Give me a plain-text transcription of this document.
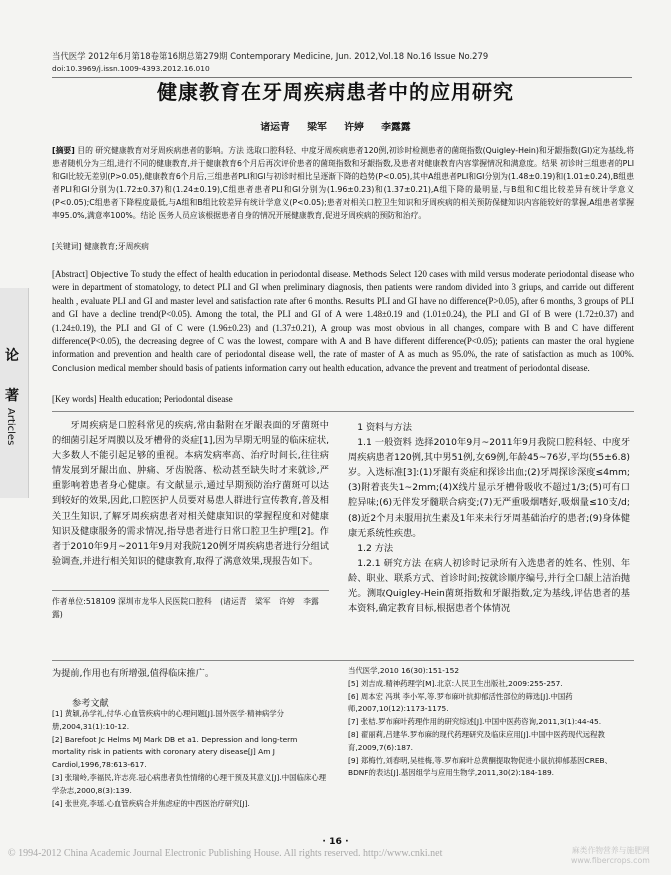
当代医学 2012年6月第18卷第16期总第279期 Contemporary Medicine, Jun. 2012,Vol.18 No.16 Issue No.279
doi:10.3969/j.issn.1009-4393.2012.16.010
健康教育在牙周疾病患者中的应用研究
诸运青 梁军 许婷 李露露
[摘要] 目的 研究健康教育对牙周疾病患者的影响。方法 选取口腔科轻、中度牙周疾病患者120例,初诊时检测患者的菌斑指数(Quigley-Hein)和牙龈指数(GI)定为基线,将患者随机分为三组,进行不同的健康教育,并于健康教育6个月后再次评价患者的菌斑指数和牙龈指数,及患者对健康教育内容掌握情况和满意度。结果 初诊时三组患者的PLI和GI比较无差别(P>0.05),健康教育6个月后,三组患者PLI和GI与初诊时相比呈逐渐下降的趋势(P<0.05),其中A组患者PLI和GI分别为(1.48±0.19)和(1.01±0.24),B组患者PLI和GI分别为(1.72±0.37)和(1.24±0.19),C组患者患者PLI和GI分别为(1.96±0.23)和(1.37±0.21),A组下降的最明显,与B组和C组比较差异有统计学意义(P<0.05);C组患者下降程度最低,与A组和B组比较差异有统计学意义(P<0.05);患者对相关口腔卫生知识和牙周疾病的相关预防保健知识内容能较好的掌握,A组患者掌握率95.0%,满意率100%。结论 医务人员应该根据患者自身的情况开展健康教育,促进牙周疾病的预防和治疗。
[关键词] 健康教育;牙周疾病
[Abstract] Objective To study the effect of health education in periodontal disease. Methods Select 120 cases with mild versus moderate periodontal disease who were in department of stomatology, to detect PLI and GI when preliminary diagnosis, then patients were random divided into 3 griups, and carride out different health , evaluate PLI and GI and master level and satisfaction rate after 6 months. Results PLI and GI have no difference(P>0.05), after 6 months, 3 groups of PLI and GI have a decline trend(P<0.05). Among the total, the PLI and GI of A were 1.48±0.19 and (1.01±0.24), the PLI and GI of B were (1.72±0.37) and (1.24±0.19), the PLI and GI of C were (1.96±0.23) and (1.37±0.21), A group was most obvious in all changes, compare with B and C have different difference(P<0.05), the decreasing degree of C was the lowest, compare with A and B have different difference(P<0.05); patients can master the oral hygiene information and prevention and health care of periodontal disease well, the rate of master of A as much as 95.0%, the rate of satisfaction as much as 100%. Conclusion medical member should basis of patients information carry out health education, advance the prevent and treatment of periodontal disease.
[Key words] Health education; Periodontal disease
论
著
Articles	牙周疾病是口腔科常见的疾病,常由黏附在牙龈表面的牙菌斑中的细菌引起牙周膜以及牙槽骨的炎症[1],因为早期无明显的临床症状,大多数人不能引起足够的重视。本病发病率高、治疗时间长,往往病情发展到牙龈出血、肿痛、牙齿脱落、松动甚至缺失时才来就诊,严重影响着患者身心健康。有文献显示,通过早期预防治疗菌斑可以达到较好的效果,因此,口腔医护人员要对易患人群进行宣传教育,普及相关卫生知识,了解牙周疾病患者对相关健康知识的掌握程度和对健康知识及健康服务的需求情况,指导患者进行日常口腔卫生护理[2]。作者于2010年9月~2011年9月对我院120例牙周疾病患者进行分组试验调查,并进行相关知识的健康教育,取得了满意效果,现报告如下。
作者单位:518109 深圳市龙华人民医院口腔科 (诸运青 梁军 许婷 李露露)
1 资料与方法
1.1 一般资料 选择2010年9月~2011年9月我院口腔科轻、中度牙周疾病患者120例,其中男51例,女69例,年龄45~76岁,平均(55±6.8)岁。入选标准[3]:(1)牙龈有炎症和探诊出血;(2)牙周探诊深度≤4mm;(3)附着丧失1~2mm;(4)X线片显示牙槽骨吸收不超过1/3;(5)可有口腔异味;(6)无伴发牙髓联合病变;(7)无严重吸烟嗜好,吸烟量≤10支/d;(8)近2个月未服用抗生素及1年来未行牙周基础治疗的患者;(9)身体健康无系统性疾患。
1.2 方法
1.2.1 研究方法 在病人初诊时记录所有入选患者的姓名、性别、年龄、职业、联系方式、首诊时间;按就诊顺序编号,并行全口龈上洁治抛光。测取Quigley-Hein菌斑指数和牙龈指数,定为基线,评估患者的基本资料,确定教育目标,根据患者个体情况
为提前,作用也有所增强,值得临床推广。
参考文献
[1] 黄颖,孙学礼,付华.心血管疾病中的心理问题[J].国外医学·精神病学分册,2004,31(1):10-12.
[2] Barefoot Jc Helms MJ Mark DB et a1. Depression and long-term mortality risk in patients with coronary atery disease[J] Am J Cardiol,1996,78:613-617.
[3] 张瑞岭,李福民,许志亮.冠心病患者负性情绪的心理干预及其意义[J].中国临床心理学杂志,2000,8(3):139.
[4] 张世亮,李瑶.心血管疾病合并焦虑症的中西医治疗研究[J].
当代医学,2010 16(30):151-152
[5] 刘吉成.精神药理学[M].北京:人民卫生出版社,2009:255-257.
[6] 周本宏 冯琪 李小军,等.罗布麻叶抗抑郁活性部位的筛选[J].中国药师,2007,10(12):1173-1175.
[7] 张桔.罗布麻叶药理作用的研究综述[J].中国中医药咨询,2011,3(1):44-45.
[8] 翟丽莉,吕建华.罗布麻的现代药理研究及临床应用[J].中国中医药现代远程教育,2009,7(6):187.
[9] 郑梅竹,刘春明,吴桂梅,等.罗布麻叶总黄酮提取物促进小鼠抗抑郁基因CREB、BDNF的表达[J].基因组学与应用生物学,2011,30(2):184-189.
· 16 ·
© 1994-2012 China Academic Journal Electronic Publishing House. All rights reserved. http://www.cnki.net	麻类作物营养与施肥网
www.fibercrops.com
